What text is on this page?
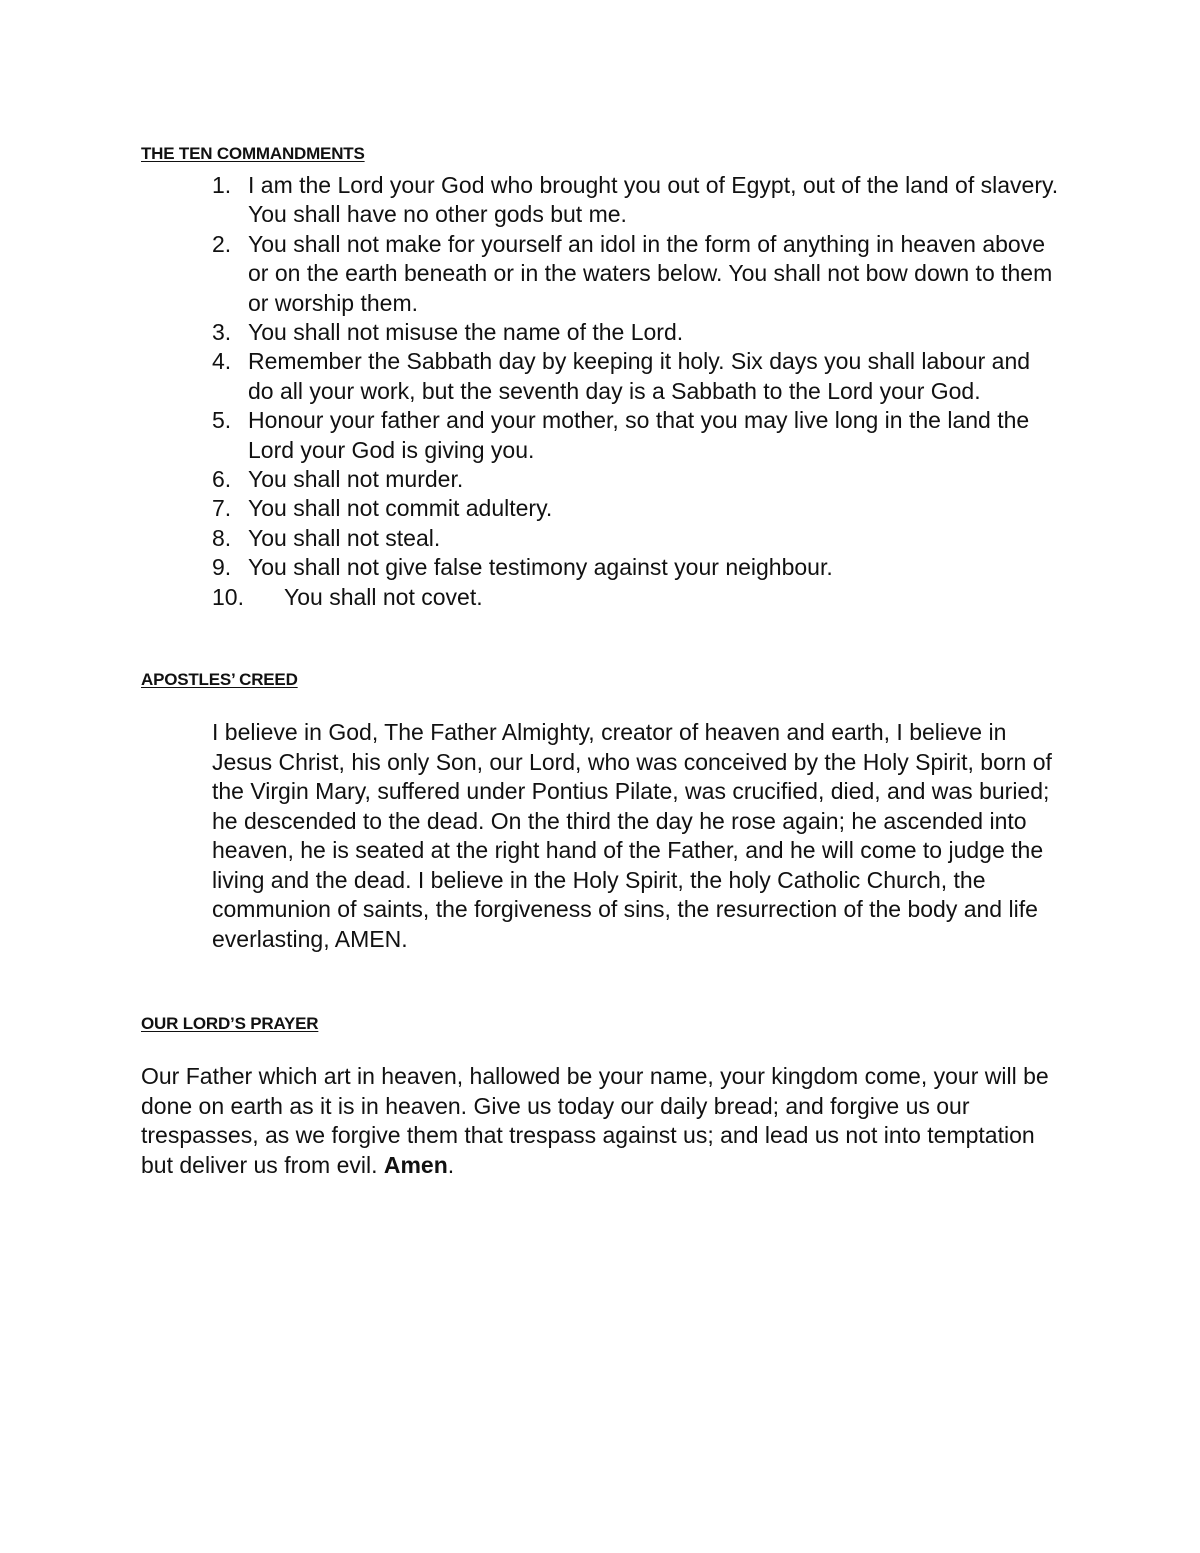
THE TEN COMMANDMENTS
1. I am the Lord your God who brought you out of Egypt, out of the land of slavery. You shall have no other gods but me.
2. You shall not make for yourself an idol in the form of anything in heaven above or on the earth beneath or in the waters below. You shall not bow down to them or worship them.
3. You shall not misuse the name of the Lord.
4. Remember the Sabbath day by keeping it holy. Six days you shall labour and do all your work, but the seventh day is a Sabbath to the Lord your God.
5. Honour your father and your mother, so that you may live long in the land the Lord your God is giving you.
6. You shall not murder.
7. You shall not commit adultery.
8. You shall not steal.
9. You shall not give false testimony against your neighbour.
10.	You shall not covet.
APOSTLES’ CREED

I believe in God, The Father Almighty, creator of heaven and earth, I believe in Jesus Christ, his only Son, our Lord, who was conceived by the Holy Spirit, born of the Virgin Mary, suffered under Pontius Pilate, was crucified, died, and was buried; he descended to the dead. On the third the day he rose again; he ascended into heaven, he is seated at the right hand of the Father, and he will come to judge the living and the dead. I believe in the Holy Spirit, the holy Catholic Church, the communion of saints, the forgiveness of sins, the resurrection of the body and life everlasting, AMEN.

OUR LORD’S PRAYER

Our Father which art in heaven, hallowed be your name, your kingdom come, your will be done on earth as it is in heaven. Give us today our daily bread; and forgive us our trespasses, as we forgive them that trespass against us; and lead us not into temptation but deliver us from evil. Amen.
